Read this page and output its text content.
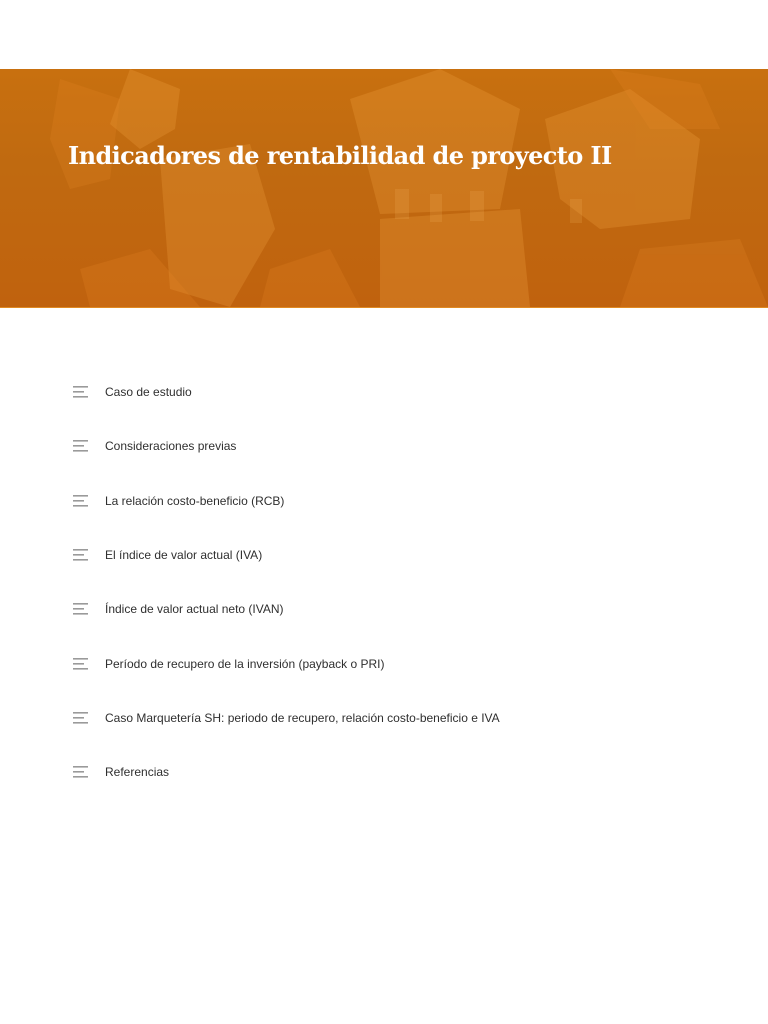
Indicadores de rentabilidad de proyecto II
Caso de estudio
Consideraciones previas
La relación costo-beneficio (RCB)
El índice de valor actual (IVA)
Índice de valor actual neto (IVAN)
Período de recupero de la inversión (payback o PRI)
Caso Marquetería SH: periodo de recupero, relación costo-beneficio e IVA
Referencias
